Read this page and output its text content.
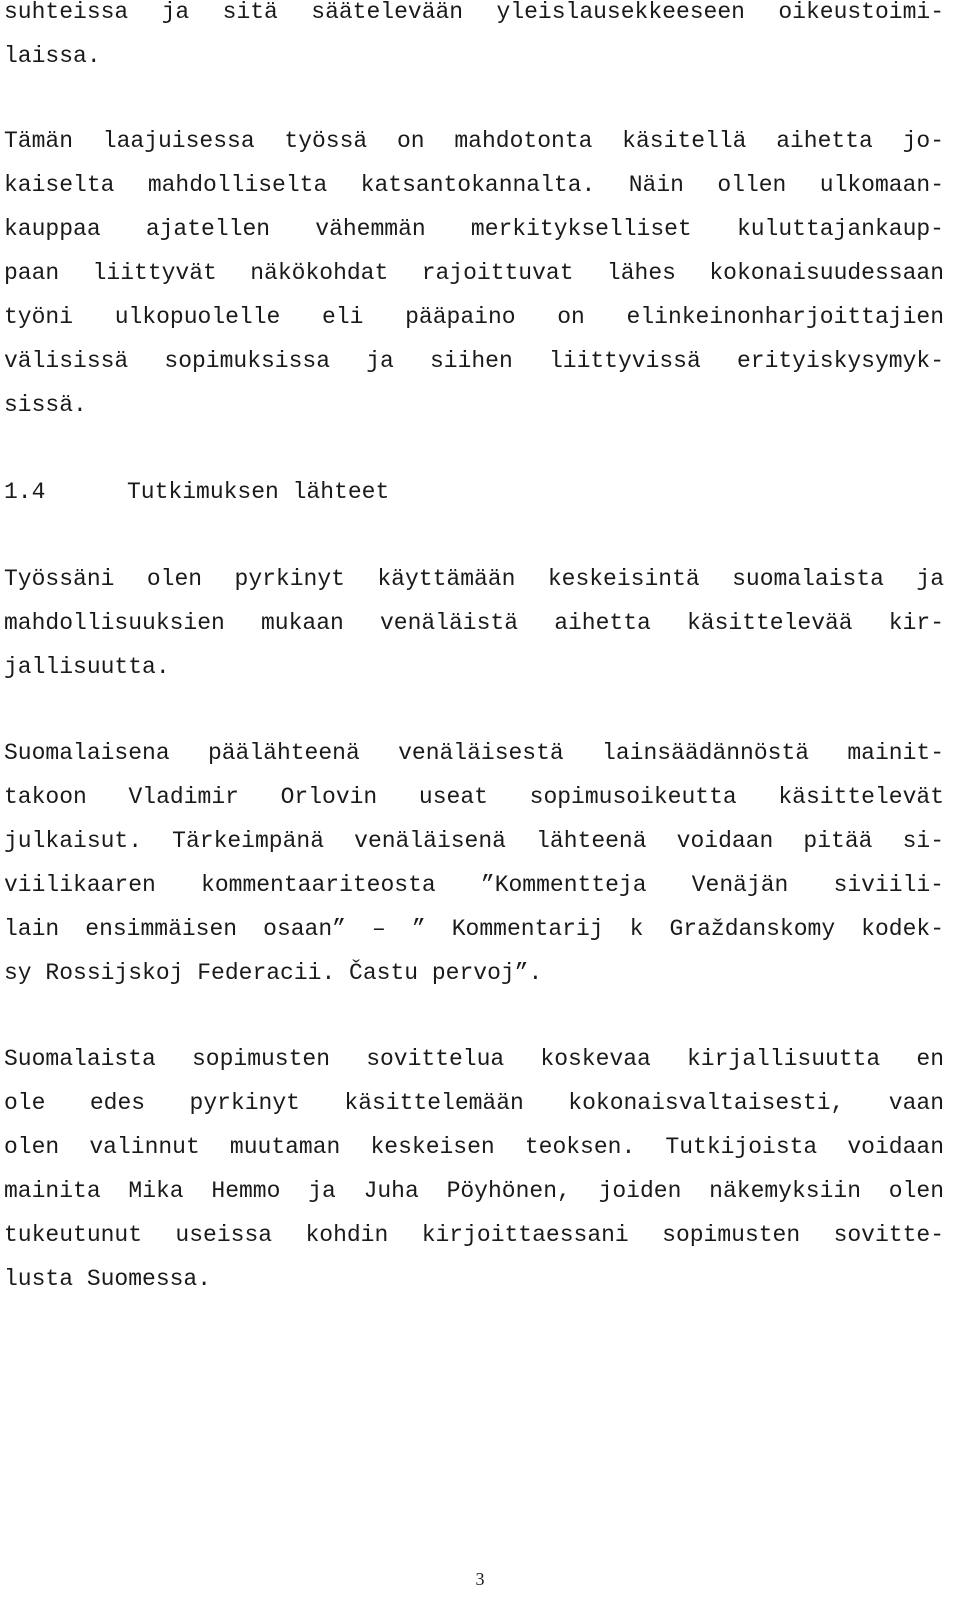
suhteissa ja sitä säätelevään yleislausekkeeseen oikeustoimi-
laissa.
Tämän laajuisessa työssä on mahdotonta käsitellä aihetta jo-
kaiselta mahdolliselta katsantokannalta. Näin ollen ulkomaan-
kauppaa ajatellen vähemmän merkitykselliset kuluttajankaup-
paan liittyvät näkökohdat rajoittuvat lähes kokonaisuudessaan
työni ulkopuolelle eli pääpaino on elinkeinonharjoittajien
välisissä sopimuksissa ja siihen liittyvissä erityiskysymyk-
sissä.
1.4	Tutkimuksen lähteet
Työssäni olen pyrkinyt käyttämään keskeisintä suomalaista ja
mahdollisuuksien mukaan venäläistä aihetta käsittelevää kir-
jallisuutta.
Suomalaisena päälähteenä venäläisestä lainsäädännöstä mainit-
takoon Vladimir Orlovin useat sopimusoikeutta käsittelevät
julkaisut. Tärkeimpänä venäläisenä lähteenä voidaan pitää si-
viilikaaren kommentaariteosta ”Kommentteja Venäjän siviili-
lain ensimmäisen osaan” – ” Kommentarij k Graždanskomy kodek-
sy Rossijskoj Federacii. Častu pervoj”.
Suomalaista sopimusten sovittelua koskevaa kirjallisuutta en
ole edes pyrkinyt käsittelemään kokonaisvaltaisesti, vaan
olen valinnut muutaman keskeisen teoksen. Tutkijoista voidaan
mainita Mika Hemmo ja Juha Pöyhönen, joiden näkemyksiin olen
tukeutunut useissa kohdin kirjoittaessani sopimusten sovitte-
lusta Suomessa.
3
